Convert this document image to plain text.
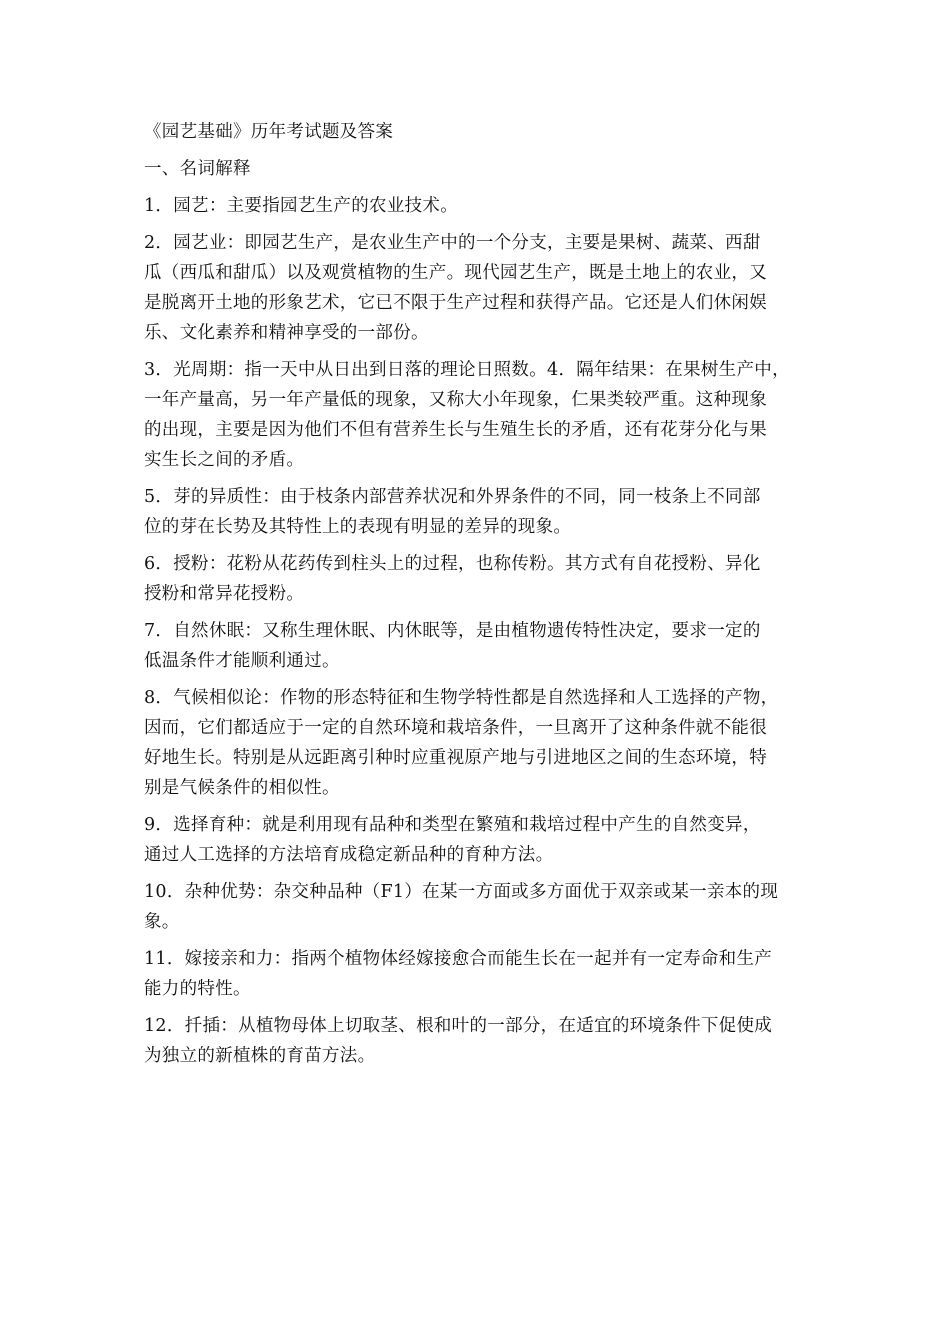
《园艺基础》历年考试题及答案
一、名词解释
1．园艺：主要指园艺生产的农业技术。
2．园艺业：即园艺生产，是农业生产中的一个分支，主要是果树、蔬菜、西甜
瓜（西瓜和甜瓜）以及观赏植物的生产。现代园艺生产，既是土地上的农业，又
是脱离开土地的形象艺术，它已不限于生产过程和获得产品。它还是人们休闲娱
乐、文化素养和精神享受的一部份。
3．光周期：指一天中从日出到日落的理论日照数。4．隔年结果：在果树生产中，
一年产量高，另一年产量低的现象，又称大小年现象，仁果类较严重。这种现象
的出现，主要是因为他们不但有营养生长与生殖生长的矛盾，还有花芽分化与果
实生长之间的矛盾。
5．芽的异质性：由于枝条内部营养状况和外界条件的不同，同一枝条上不同部
位的芽在长势及其特性上的表现有明显的差异的现象。
6．授粉：花粉从花药传到柱头上的过程，也称传粉。其方式有自花授粉、异化
授粉和常异花授粉。
7．自然休眠：又称生理休眠、内休眠等，是由植物遗传特性决定，要求一定的
低温条件才能顺利通过。
8．气候相似论：作物的形态特征和生物学特性都是自然选择和人工选择的产物，
因而，它们都适应于一定的自然环境和栽培条件，一旦离开了这种条件就不能很
好地生长。特别是从远距离引种时应重视原产地与引进地区之间的生态环境，特
别是气候条件的相似性。
9．选择育种：就是利用现有品种和类型在繁殖和栽培过程中产生的自然变异，
通过人工选择的方法培育成稳定新品种的育种方法。
10．杂种优势：杂交种品种（F1）在某一方面或多方面优于双亲或某一亲本的现
象。
11．嫁接亲和力：指两个植物体经嫁接愈合而能生长在一起并有一定寿命和生产
能力的特性。
12．扦插：从植物母体上切取茎、根和叶的一部分，在适宜的环境条件下促使成
为独立的新植株的育苗方法。
